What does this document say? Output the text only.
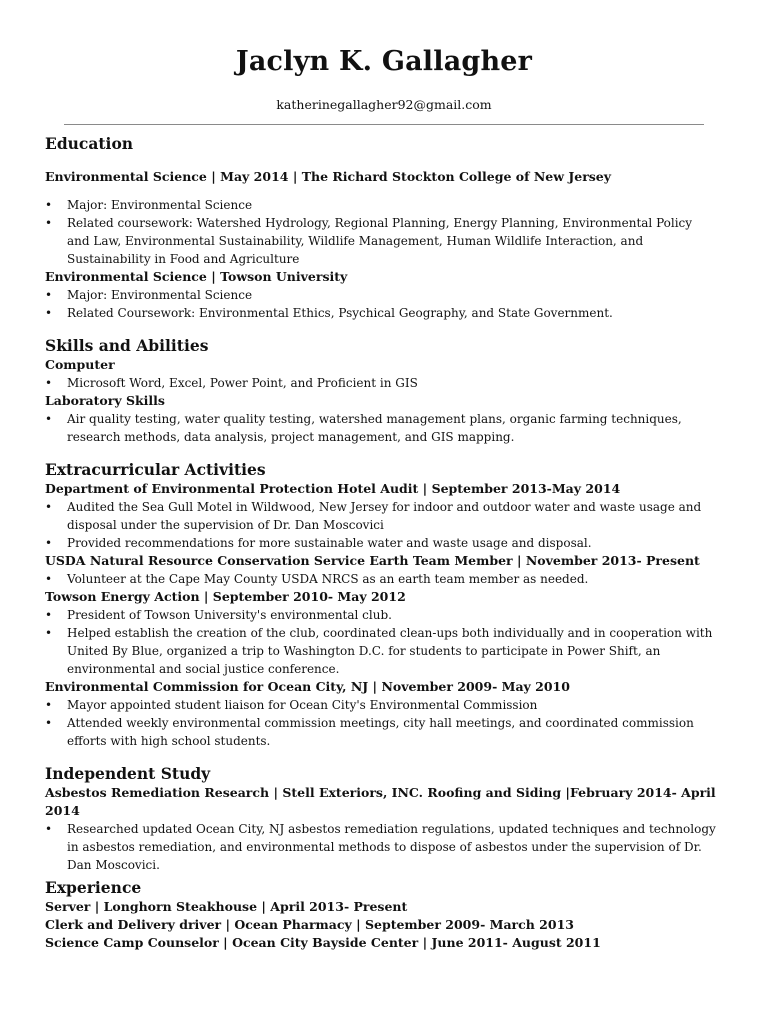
Jaclyn K. Gallagher
katherinegallagher92@gmail.com
Education
Environmental Science | May 2014 | The Richard Stockton College of New Jersey
• Major: Environmental Science
• Related coursework: Watershed Hydrology, Regional Planning, Energy Planning, Environmental Policy and Law, Environmental Sustainability, Wildlife Management, Human Wildlife Interaction, and Sustainability in Food and Agriculture
Environmental Science | Towson University
• Major: Environmental Science
• Related Coursework: Environmental Ethics, Psychical Geography, and State Government.
Skills and Abilities
Computer
• Microsoft Word, Excel, Power Point, and Proficient in GIS
Laboratory Skills
• Air quality testing, water quality testing, watershed management plans, organic farming techniques, research methods, data analysis, project management, and GIS mapping.
Extracurricular Activities
Department of Environmental Protection Hotel Audit | September 2013-May 2014
• Audited the Sea Gull Motel in Wildwood, New Jersey for indoor and outdoor water and waste usage and disposal under the supervision of Dr. Dan Moscovici
• Provided recommendations for more sustainable water and waste usage and disposal.
USDA Natural Resource Conservation Service Earth Team Member | November 2013- Present
• Volunteer at the Cape May County USDA NRCS as an earth team member as needed.
Towson Energy Action | September 2010- May 2012
• President of Towson University's environmental club.
• Helped establish the creation of the club, coordinated clean-ups both individually and in cooperation with United By Blue, organized a trip to Washington D.C. for students to participate in Power Shift, an environmental and social justice conference.
Environmental Commission for Ocean City, NJ | November 2009- May 2010
• Mayor appointed student liaison for Ocean City's Environmental Commission
• Attended weekly environmental commission meetings, city hall meetings, and coordinated commission efforts with high school students.
Independent Study
Asbestos Remediation Research | Stell Exteriors, INC. Roofing and Siding |February 2014- April 2014
• Researched updated Ocean City, NJ asbestos remediation regulations, updated techniques and technology in asbestos remediation, and environmental methods to dispose of asbestos under the supervision of Dr. Dan Moscovici.
Experience
Server | Longhorn Steakhouse | April 2013- Present
Clerk and Delivery driver | Ocean Pharmacy | September 2009- March 2013
Science Camp Counselor | Ocean City Bayside Center | June 2011- August 2011
